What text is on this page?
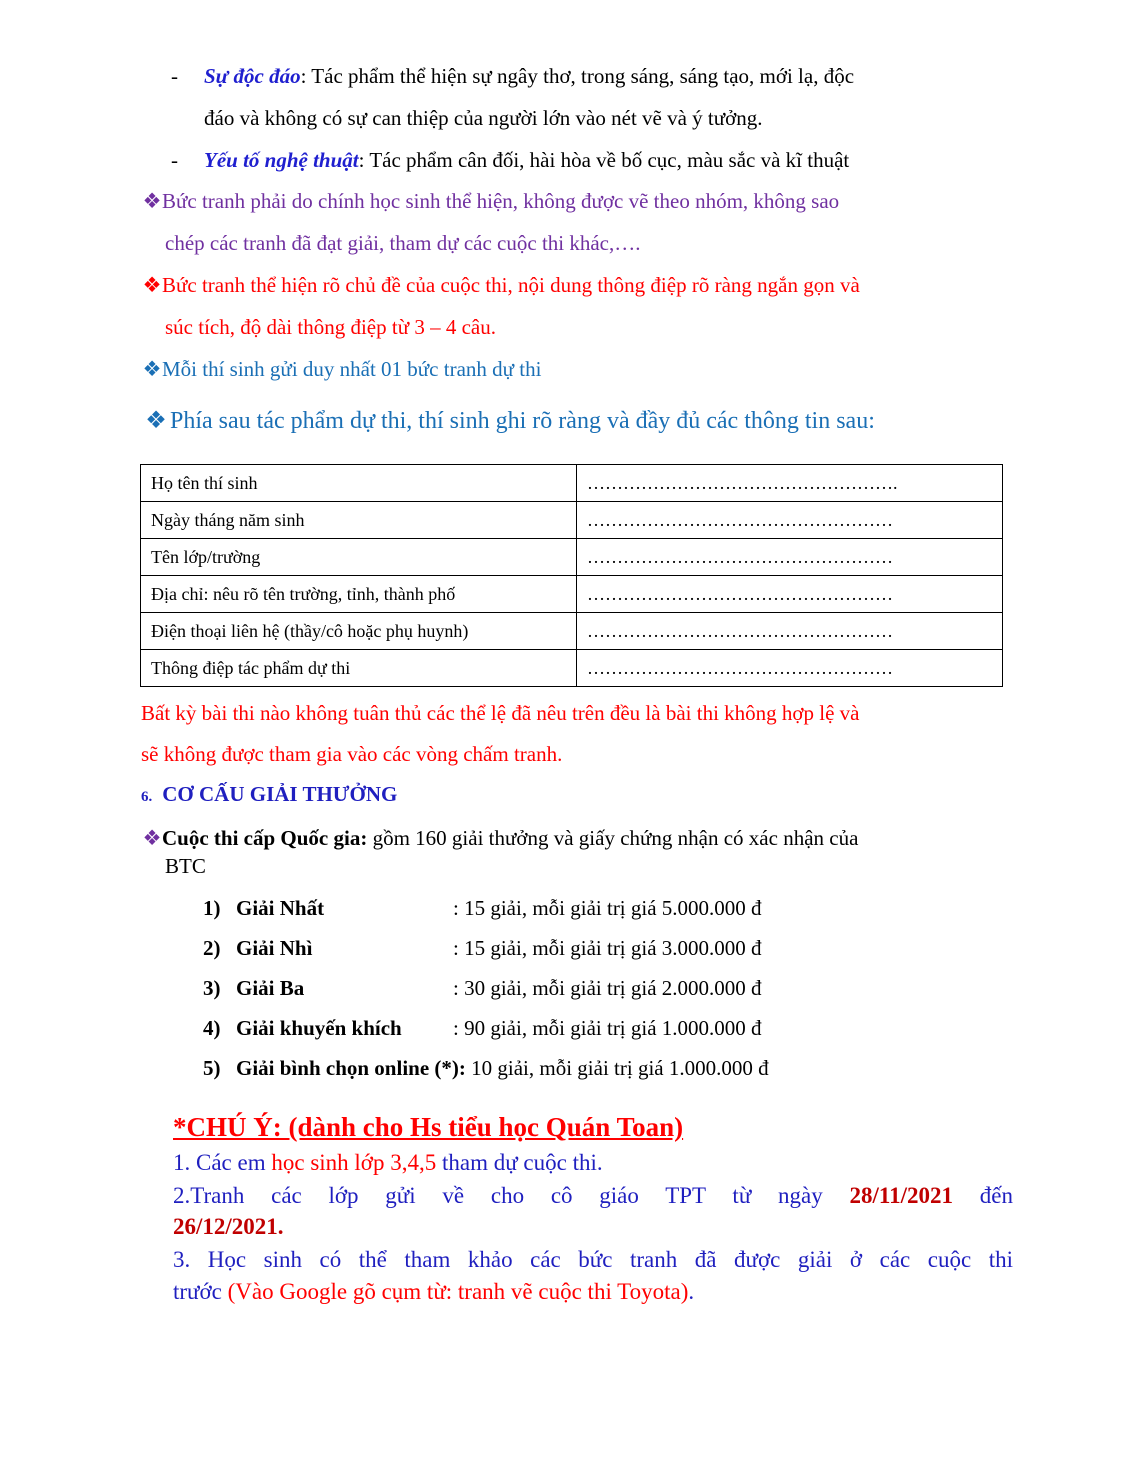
- Sự độc đáo: Tác phẩm thể hiện sự ngây thơ, trong sáng, sáng tạo, mới lạ, độc
đáo và không có sự can thiệp của người lớn vào nét vẽ và ý tưởng.
- Yếu tố nghệ thuật: Tác phẩm cân đối, hài hòa về bố cục, màu sắc và kĩ thuật
❖Bức tranh phải do chính học sinh thể hiện, không được vẽ theo nhóm, không sao
chép các tranh đã đạt giải, tham dự các cuộc thi khác,….
❖Bức tranh thể hiện rõ chủ đề của cuộc thi, nội dung thông điệp rõ ràng ngắn gọn và
súc tích, độ dài thông điệp từ 3 – 4 câu.
❖Mỗi thí sinh gửi duy nhất 01 bức tranh dự thi
❖ Phía sau tác phẩm dự thi, thí sinh ghi rõ ràng và đầy đủ các thông tin sau:
Họ tên thí sinh	…………………………………………….
Ngày tháng năm sinh	……………………………………………
Tên lớp/trường	……………………………………………
Địa chỉ: nêu rõ tên trường, tỉnh, thành phố	……………………………………………
Điện thoại liên hệ (thầy/cô hoặc phụ huynh)	……………………………………………
Thông điệp tác phẩm dự thi	……………………………………………
Bất kỳ bài thi nào không tuân thủ các thể lệ đã nêu trên đều là bài thi không hợp lệ và
sẽ không được tham gia vào các vòng chấm tranh.
6. CƠ CẤU GIẢI THƯỞNG
❖Cuộc thi cấp Quốc gia: gồm 160 giải thưởng và giấy chứng nhận có xác nhận của
BTC
1) Giải Nhất	: 15 giải, mỗi giải trị giá 5.000.000 đ
2) Giải Nhì	: 15 giải, mỗi giải trị giá 3.000.000 đ
3) Giải Ba	: 30 giải, mỗi giải trị giá 2.000.000 đ
4) Giải khuyến khích : 90 giải, mỗi giải trị giá 1.000.000 đ
5) Giải bình chọn online (*): 10 giải, mỗi giải trị giá 1.000.000 đ
*CHÚ Ý: (dành cho Hs tiểu học Quán Toan)
1. Các em học sinh lớp 3,4,5 tham dự cuộc thi.
2.Tranh các lớp gửi về cho cô giáo TPT từ ngày 28/11/2021 đến
26/12/2021.
3. Học sinh có thể tham khảo các bức tranh đã được giải ở các cuộc thi
trước (Vào Google gõ cụm từ: tranh vẽ cuộc thi Toyota).
